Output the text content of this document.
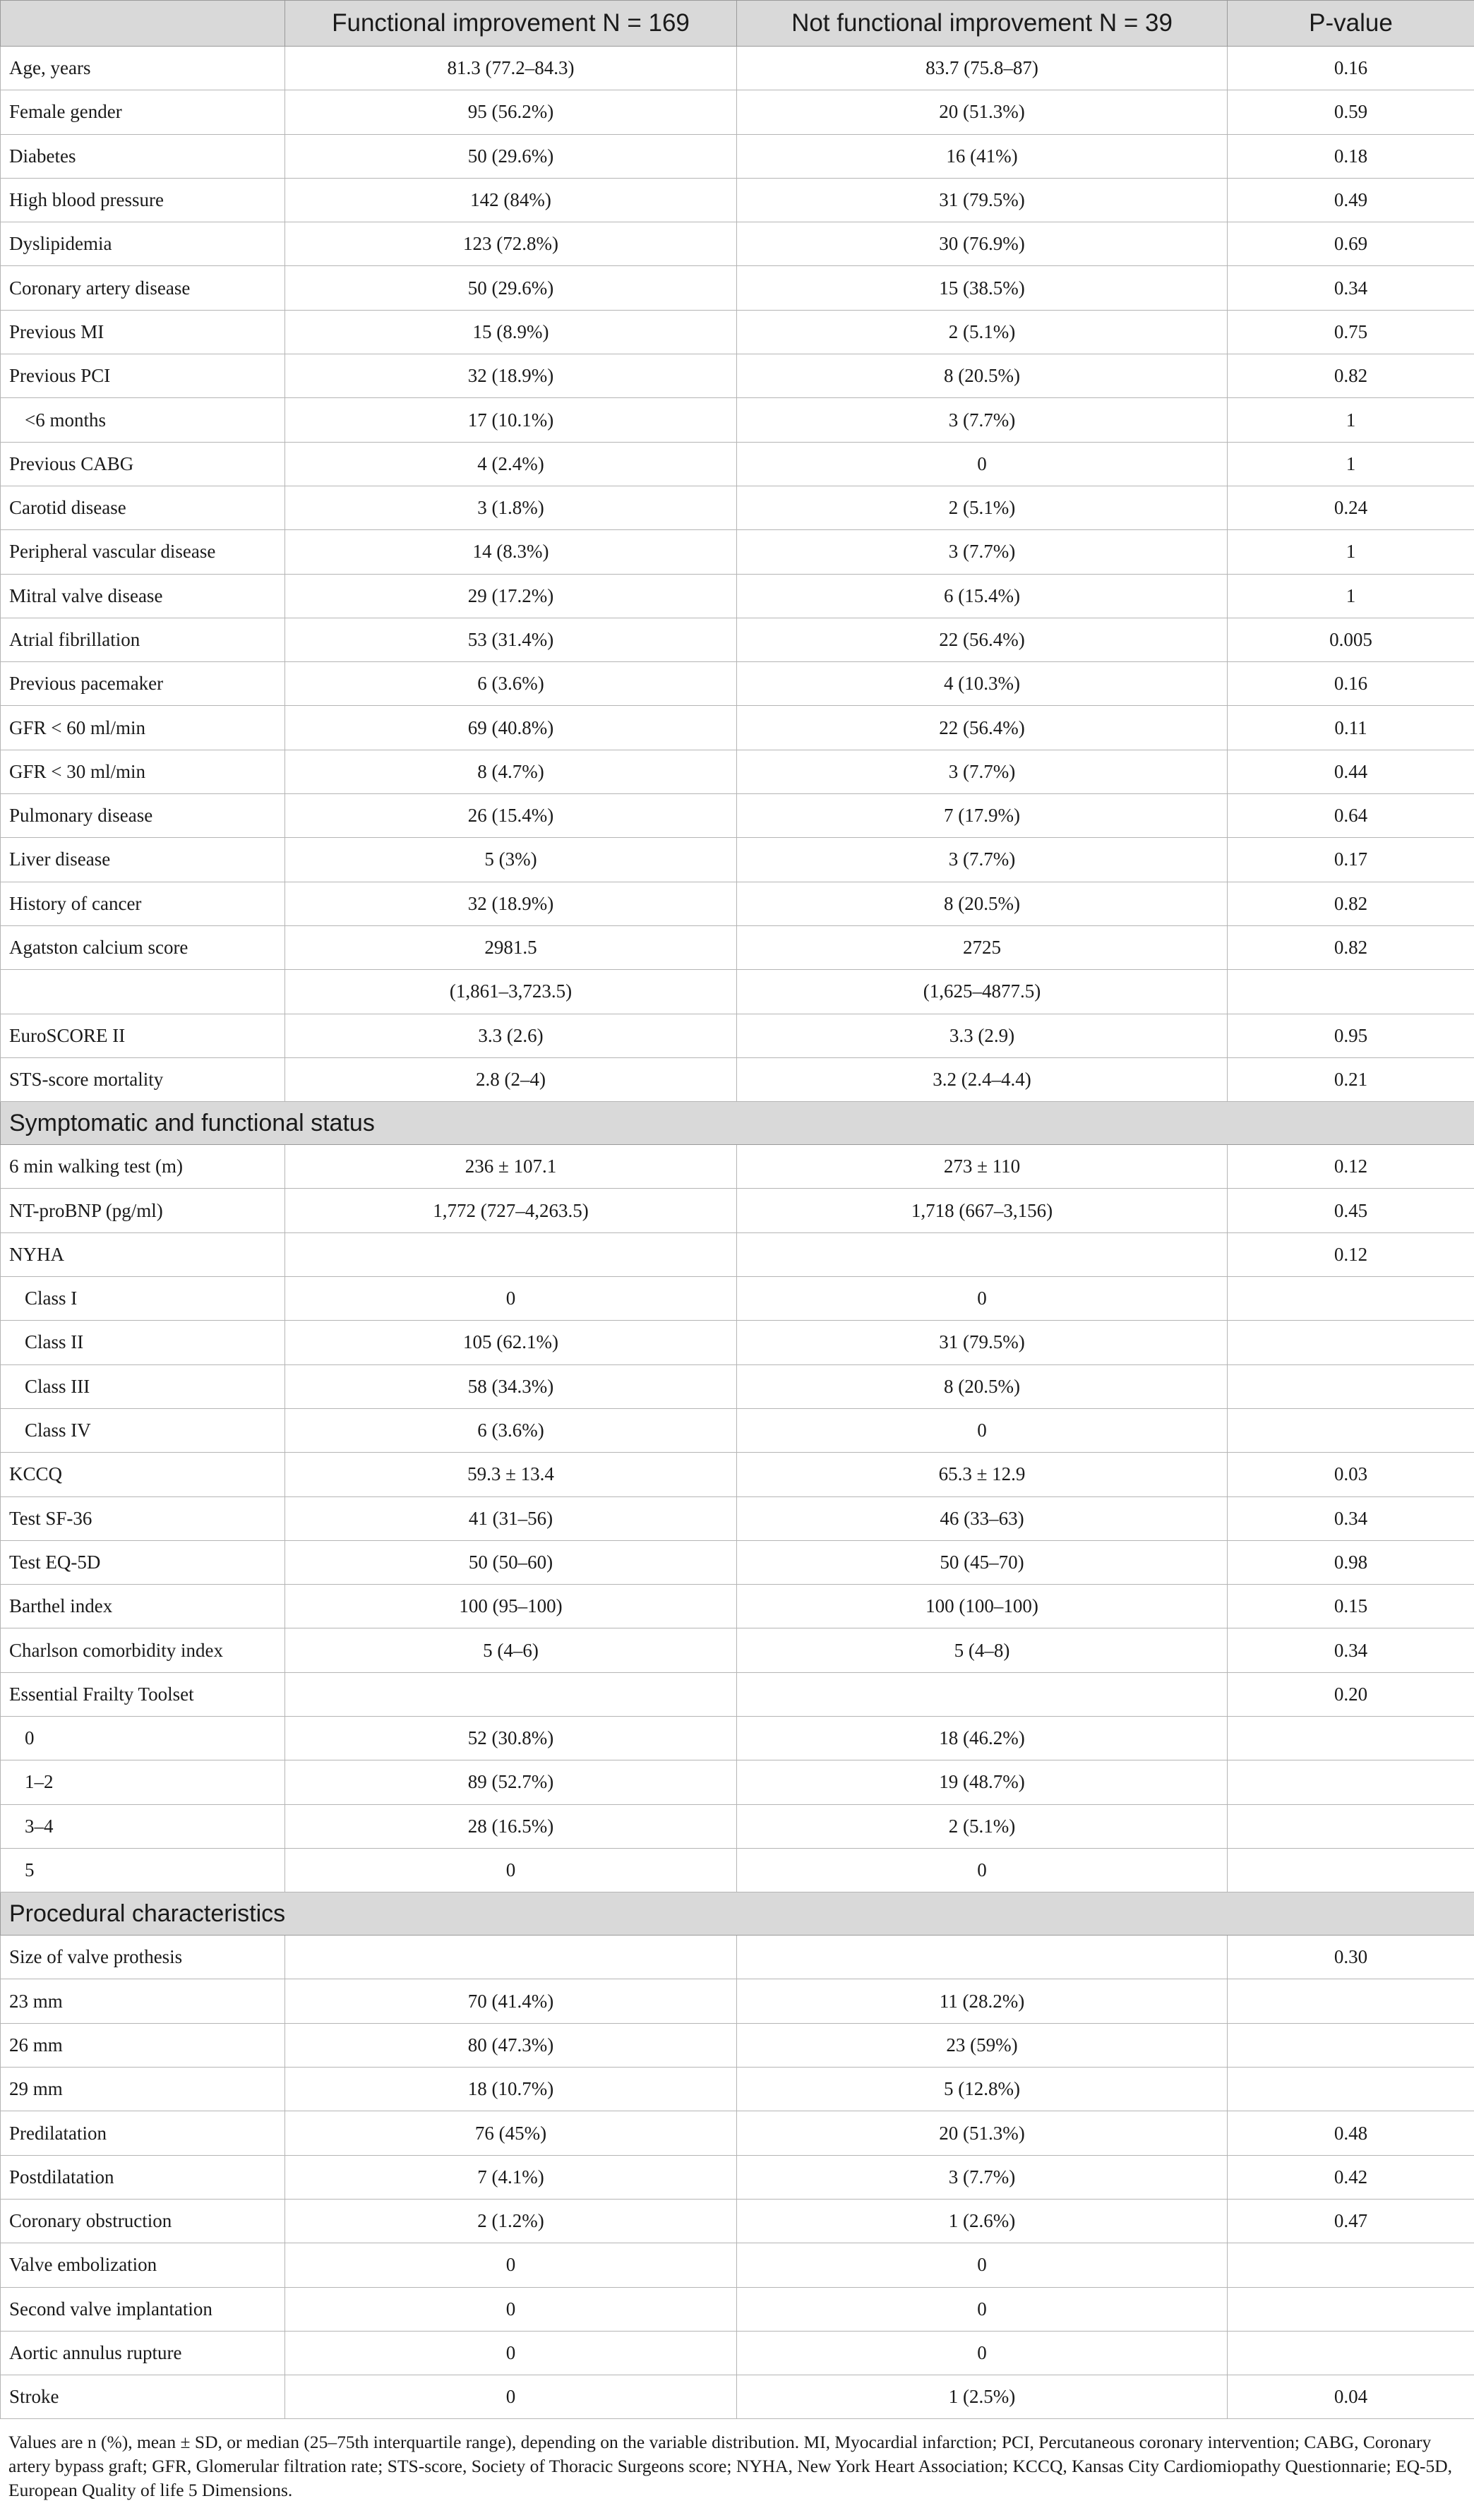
	Functional improvement N = 169	Not functional improvement N = 39	P-value
Age, years	81.3 (77.2–84.3)	83.7 (75.8–87)	0.16
Female gender	95 (56.2%)	20 (51.3%)	0.59
Diabetes	50 (29.6%)	16 (41%)	0.18
High blood pressure	142 (84%)	31 (79.5%)	0.49
Dyslipidemia	123 (72.8%)	30 (76.9%)	0.69
Coronary artery disease	50 (29.6%)	15 (38.5%)	0.34
Previous MI	15 (8.9%)	2 (5.1%)	0.75
Previous PCI	32 (18.9%)	8 (20.5%)	0.82
<6 months	17 (10.1%)	3 (7.7%)	1
Previous CABG	4 (2.4%)	0	1
Carotid disease	3 (1.8%)	2 (5.1%)	0.24
Peripheral vascular disease	14 (8.3%)	3 (7.7%)	1
Mitral valve disease	29 (17.2%)	6 (15.4%)	1
Atrial fibrillation	53 (31.4%)	22 (56.4%)	0.005
Previous pacemaker	6 (3.6%)	4 (10.3%)	0.16
GFR < 60 ml/min	69 (40.8%)	22 (56.4%)	0.11
GFR < 30 ml/min	8 (4.7%)	3 (7.7%)	0.44
Pulmonary disease	26 (15.4%)	7 (17.9%)	0.64
Liver disease	5 (3%)	3 (7.7%)	0.17
History of cancer	32 (18.9%)	8 (20.5%)	0.82
Agatston calcium score	2981.5	2725	0.82
	(1,861–3,723.5)	(1,625–4877.5)	
EuroSCORE II	3.3 (2.6)	3.3 (2.9)	0.95
STS-score mortality	2.8 (2–4)	3.2 (2.4–4.4)	0.21
Symptomatic and functional status			
6 min walking test (m)	236 ± 107.1	273 ± 110	0.12
NT-proBNP (pg/ml)	1,772 (727–4,263.5)	1,718 (667–3,156)	0.45
NYHA			0.12
Class I	0	0	
Class II	105 (62.1%)	31 (79.5%)	
Class III	58 (34.3%)	8 (20.5%)	
Class IV	6 (3.6%)	0	
KCCQ	59.3 ± 13.4	65.3 ± 12.9	0.03
Test SF-36	41 (31–56)	46 (33–63)	0.34
Test EQ-5D	50 (50–60)	50 (45–70)	0.98
Barthel index	100 (95–100)	100 (100–100)	0.15
Charlson comorbidity index	5 (4–6)	5 (4–8)	0.34
Essential Frailty Toolset			0.20
0	52 (30.8%)	18 (46.2%)	
1–2	89 (52.7%)	19 (48.7%)	
3–4	28 (16.5%)	2 (5.1%)	
5	0	0	
Procedural characteristics			
Size of valve prothesis			0.30
23 mm	70 (41.4%)	11 (28.2%)	
26 mm	80 (47.3%)	23 (59%)	
29 mm	18 (10.7%)	5 (12.8%)	
Predilatation	76 (45%)	20 (51.3%)	0.48
Postdilatation	7 (4.1%)	3 (7.7%)	0.42
Coronary obstruction	2 (1.2%)	1 (2.6%)	0.47
Valve embolization	0	0	
Second valve implantation	0	0	
Aortic annulus rupture	0	0	
Stroke	0	1 (2.5%)	0.04
Values are n (%), mean ± SD, or median (25–75th interquartile range), depending on the variable distribution. MI, Myocardial infarction; PCI, Percutaneous coronary intervention; CABG, Coronary artery bypass graft; GFR, Glomerular filtration rate; STS-score, Society of Thoracic Surgeons score; NYHA, New York Heart Association; KCCQ, Kansas City Cardiomiopathy Questionnarie; EQ-5D, European Quality of life 5 Dimensions.
